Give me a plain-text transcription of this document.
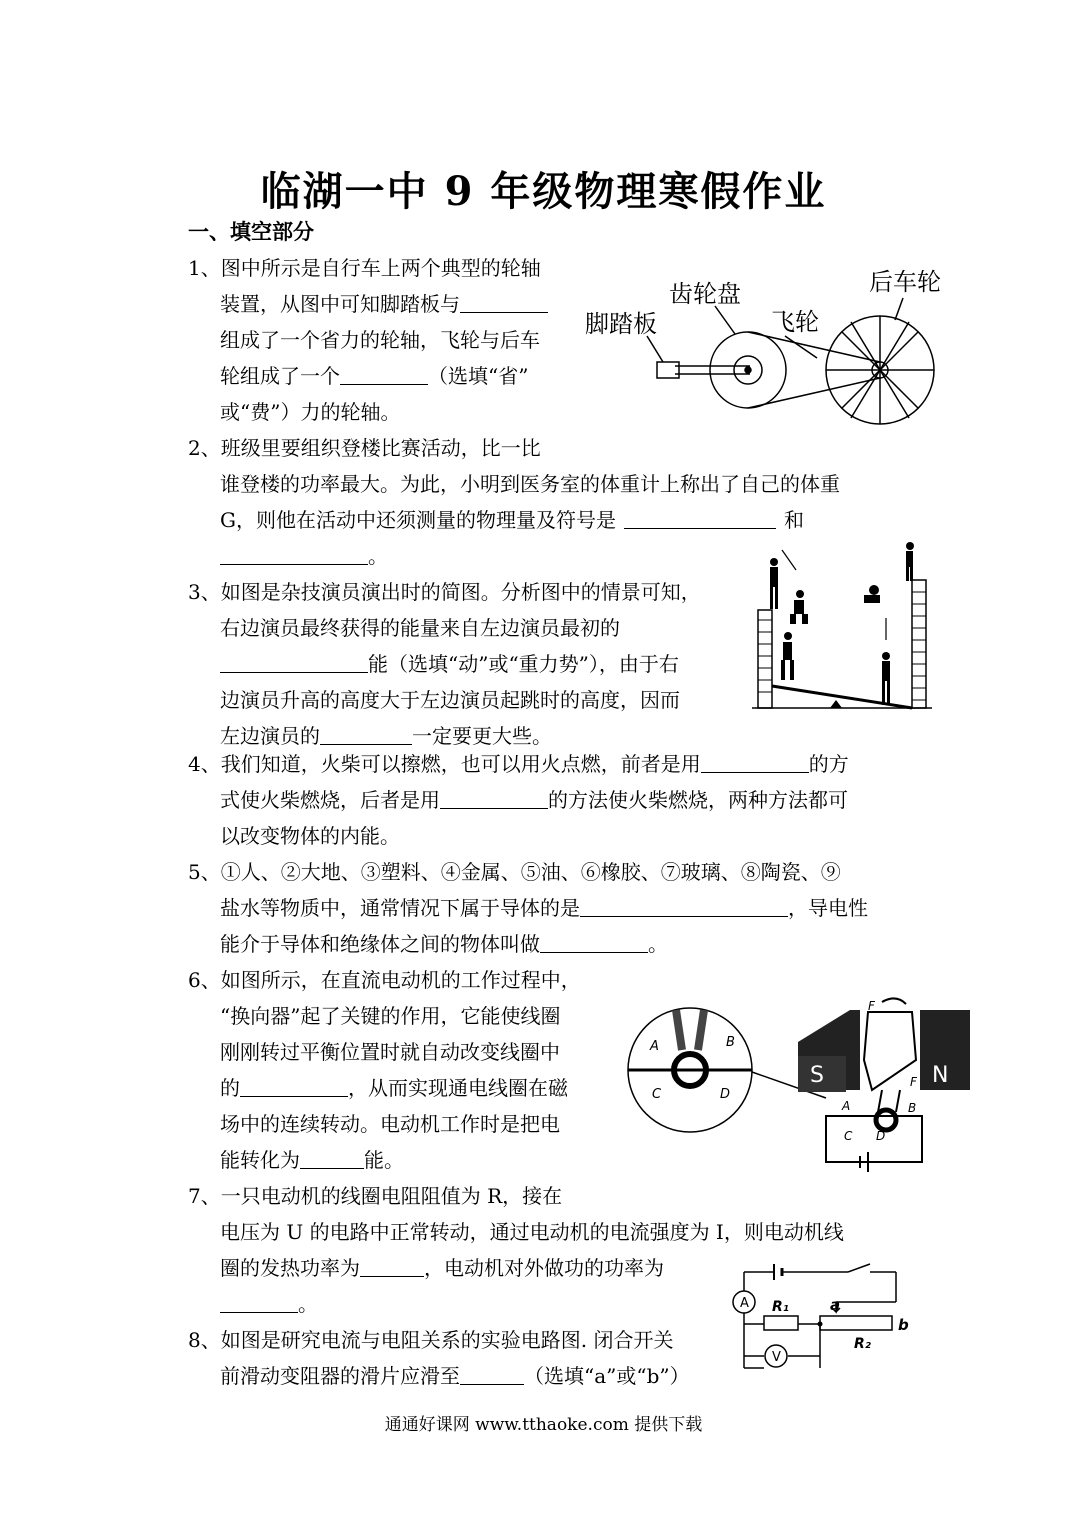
临湖一中 9 年级物理寒假作业
一、填空部分
1、图中所示是自行车上两个典型的轮轴
装置，从图中可知脚踏板与
组成了一个省力的轮轴，飞轮与后车
轮组成了一个	（选填“省”
或“费”）力的轮轴。
脚踏板
齿轮盘
飞轮
后车轮
2、班级里要组织登楼比赛活动，比一比
谁登楼的功率最大。为此，小明到医务室的体重计上称出了自己的体重
G，则他在活动中还须测量的物理量及符号是	和
。
3、如图是杂技演员演出时的简图。分析图中的情景可知，
右边演员最终获得的能量来自左边演员最初的
能（选填“动”或“重力势”），由于右
边演员升高的高度大于左边演员起跳时的高度，因而
左边演员的	一定要更大些。
4、我们知道，火柴可以擦燃，也可以用火点燃，前者是用	的方
式使火柴燃烧，后者是用	的方法使火柴燃烧，两种方法都可
以改变物体的内能。
5、①人、②大地、③塑料、④金属、⑤油、⑥橡胶、⑦玻璃、⑧陶瓷、⑨
盐水等物质中，通常情况下属于导体的是	，导电性
能介于导体和绝缘体之间的物体叫做	。
6、如图所示，在直流电动机的工作过程中，
“换向器”起了关键的作用，它能使线圈
刚刚转过平衡位置时就自动改变线圈中
的	，从而实现通电线圈在磁
场中的连续转动。电动机工作时是把电
能转化为	能。
A	B
C	D
S	N
F
F
A	B
C D
7、一只电动机的线圈电阻阻值为 R，接在
电压为 U 的电路中正常转动，通过电动机的电流强度为 I，则电动机线
圈的发热功率为	，电动机对外做功的功率为
。
8、如图是研究电流与电阻关系的实验电路图. 闭合开关
前滑动变阻器的滑片应滑至	（选填“a”或“b”）
A
V
R₁
R₂
a
b
通通好课网 www.tthaoke.com 提供下载
